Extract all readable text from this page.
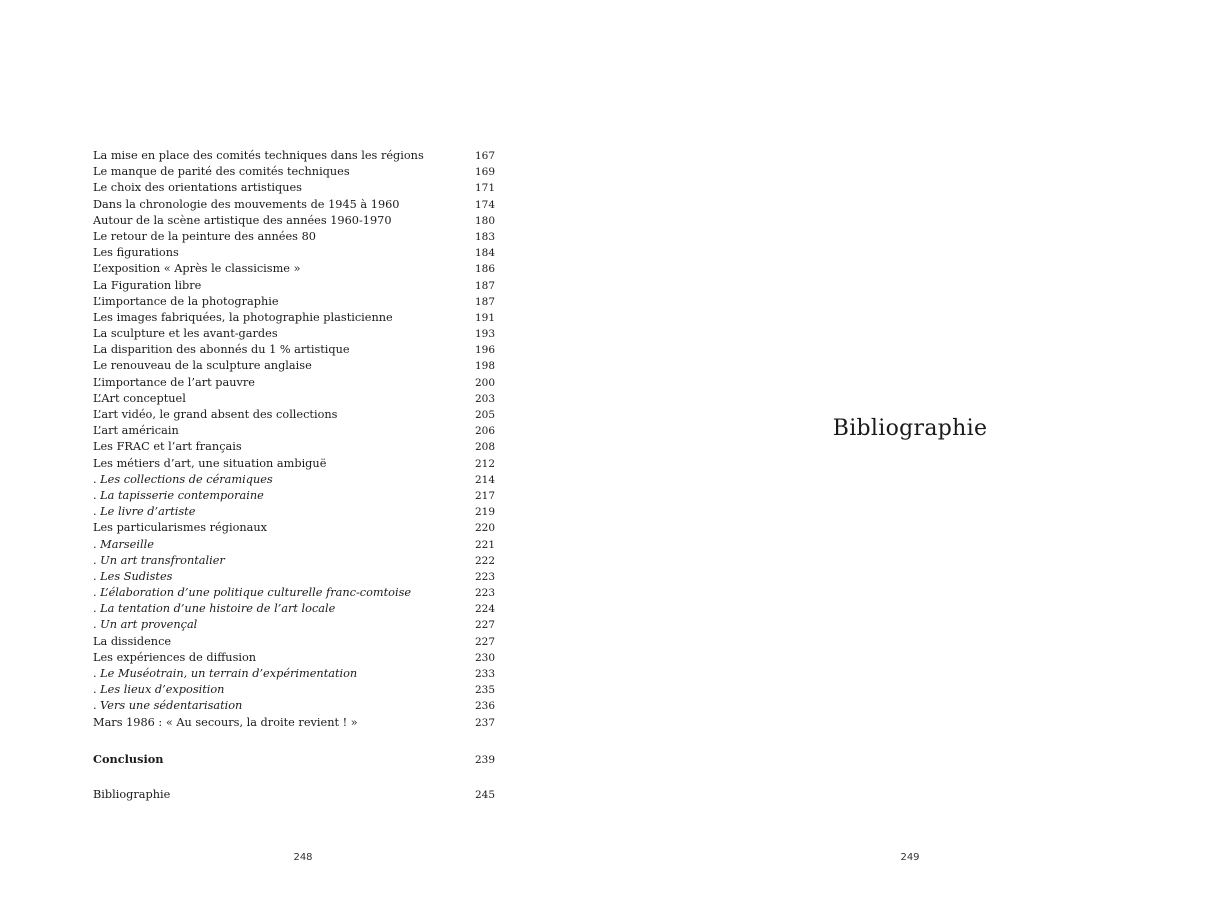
La mise en place des comités techniques dans les régions	167
Le manque de parité des comités techniques	169
Le choix des orientations artistiques	171
Dans la chronologie des mouvements de 1945 à 1960	174
Autour de la scène artistique des années 1960-1970	180
Le retour de la peinture des années 80	183
Les figurations	184
L’exposition « Après le classicisme »	186
La Figuration libre	187
L’importance de la photographie	187
Les images fabriquées, la photographie plasticienne	191
La sculpture et les avant-gardes	193
La disparition des abonnés du 1 % artistique	196
Le renouveau de la sculpture anglaise	198
L’importance de l’art pauvre	200
L’Art conceptuel	203
L’art vidéo, le grand absent des collections	205
L’art américain	206
Les FRAC et l’art français	208
Les métiers d’art, une situation ambiguë	212
. Les collections de céramiques	214
. La tapisserie contemporaine	217
. Le livre d’artiste	219
Les particularismes régionaux	220
. Marseille	221
. Un art transfrontalier	222
. Les Sudistes	223
. L’élaboration d’une politique culturelle franc-comtoise	223
. La tentation d’une histoire de l’art locale	224
. Un art provençal	227
La dissidence	227
Les expériences de diffusion	230
. Le Muséotrain, un terrain d’expérimentation	233
. Les lieux d’exposition	235
. Vers une sédentarisation	236
Mars 1986 : « Au secours, la droite revient ! »	237
Conclusion	239
Bibliographie	245
248
Bibliographie
249
